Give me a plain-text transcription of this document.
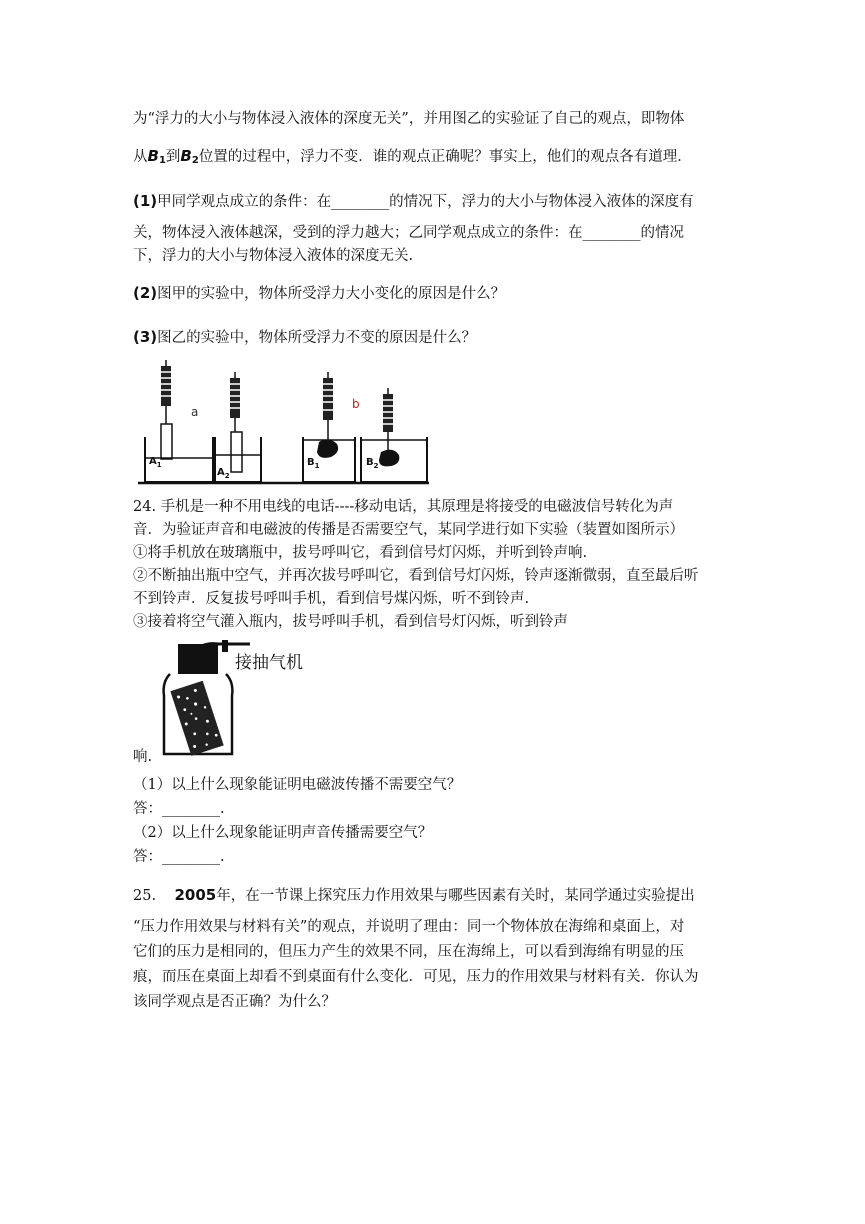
为“浮力的大小与物体浸入液体的深度无关”，并用图乙的实验证了自己的观点，即物体
从$B_1$到$B_2$位置的过程中，浮力不变．谁的观点正确呢？事实上，他们的观点各有道理．
(1)甲同学观点成立的条件：在________的情况下，浮力的大小与物体浸入液体的深度有
关，物体浸入液体越深，受到的浮力越大；乙同学观点成立的条件：在________的情况
下，浮力的大小与物体浸入液体的深度无关.
(2)图甲的实验中，物体所受浮力大小变化的原因是什么？
(3)图乙的实验中，物体所受浮力不变的原因是什么？
a
b
$A_1$
$A_2$
$B_1$	$B_2$
24. 手机是一种不用电线的电话----移动电话，其原理是将接受的电磁波信号转化为声
音．为验证声音和电磁波的传播是否需要空气，某同学进行如下实验（装置如图所示）
①将手机放在玻璃瓶中，拔号呼叫它，看到信号灯闪烁，并听到铃声响.
②不断抽出瓶中空气，并再次拔号呼叫它，看到信号灯闪烁，铃声逐渐微弱，直至最后听
不到铃声．反复拔号呼叫手机，看到信号煤闪烁，听不到铃声.
③接着将空气灌入瓶内，拔号呼叫手机，看到信号灯闪烁，听到铃声
接抽气机
响.
（1）以上什么现象能证明电磁波传播不需要空气？
答：________.
（2）以上什么现象能证明声音传播需要空气？
答：________.
25. 2005年，在一节课上探究压力作用效果与哪些因素有关时，某同学通过实验提出
“压力作用效果与材料有关”的观点，并说明了理由：同一个物体放在海绵和桌面上，对
它们的压力是相同的，但压力产生的效果不同，压在海绵上，可以看到海绵有明显的压
痕，而压在桌面上却看不到桌面有什么变化．可见，压力的作用效果与材料有关．你认为
该同学观点是否正确？为什么？
